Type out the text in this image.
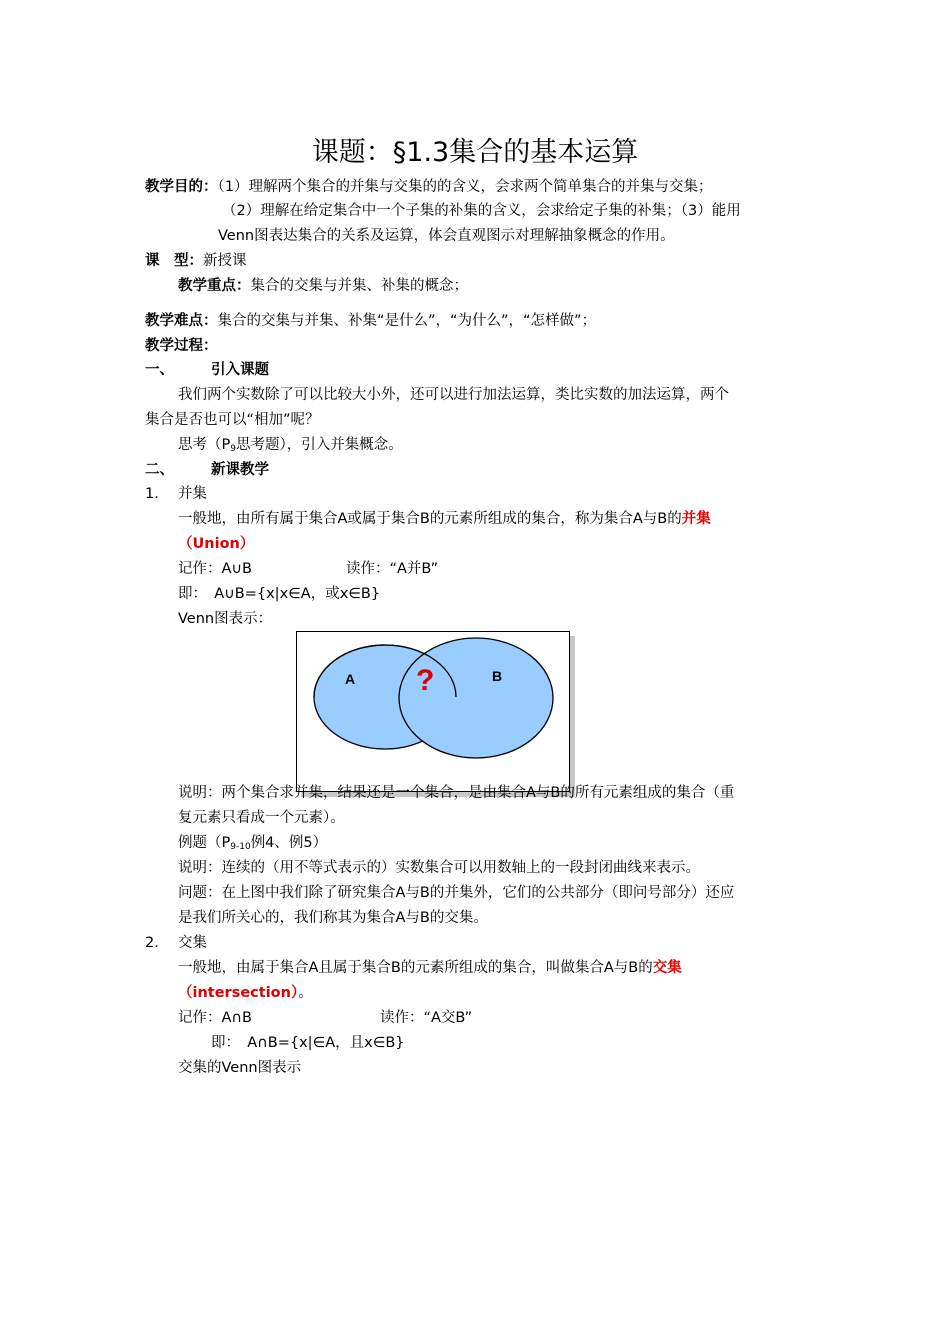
课题：§1.3集合的基本运算
教学目的：（1）理解两个集合的并集与交集的的含义，会求两个简单集合的并集与交集；
（2）理解在给定集合中一个子集的补集的含义，会求给定子集的补集；（3）能用
Venn图表达集合的关系及运算，体会直观图示对理解抽象概念的作用。
课　型：新授课
教学重点：集合的交集与并集、补集的概念；
教学难点：集合的交集与并集、补集“是什么”，“为什么”，“怎样做”；
教学过程：
一、	引入课题
我们两个实数除了可以比较大小外，还可以进行加法运算，类比实数的加法运算，两个
集合是否也可以“相加”呢？
思考（$P_9$思考题），引入并集概念。
二、	新课教学
1. 并集
一般地，由所有属于集合A或属于集合B的元素所组成的集合，称为集合A与B的并集
（Union）
记作：A∪B	读作：“A并B”
即：　A∪B={x|x∈A，或x∈B}
Venn图表示：
A	B
?
说明：两个集合求并集，结果还是一个集合，是由集合A与B的所有元素组成的集合（重
复元素只看成一个元素）。
例题（$P_{9-10}$例4、例5）
说明：连续的（用不等式表示的）实数集合可以用数轴上的一段封闭曲线来表示。
问题：在上图中我们除了研究集合A与B的并集外，它们的公共部分（即问号部分）还应
是我们所关心的，我们称其为集合A与B的交集。
2. 交集
一般地，由属于集合A且属于集合B的元素所组成的集合，叫做集合A与B的交集
（intersection）。
记作：A∩B	读作：“A交B”
即：　A∩B={x|∈A，且x∈B}
交集的Venn图表示
